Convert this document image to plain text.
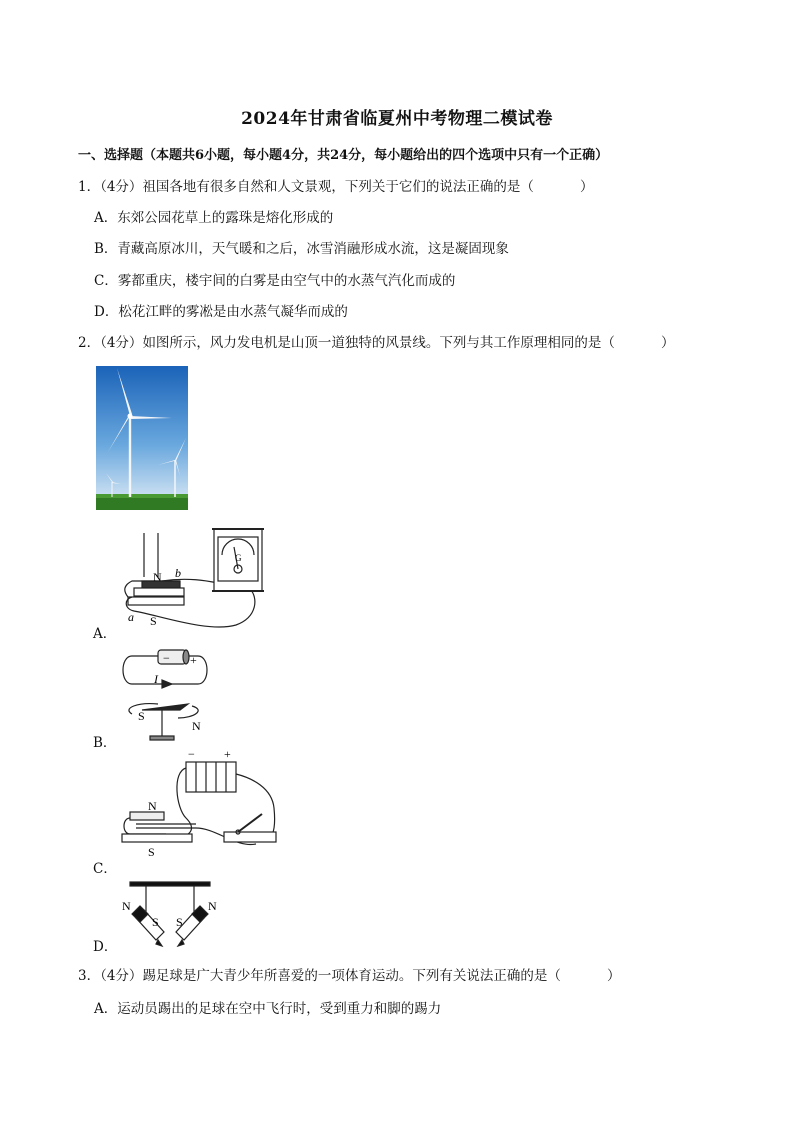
2024年甘肃省临夏州中考物理二模试卷
一、选择题（本题共6小题，每小题4分，共24分，每小题给出的四个选项中只有一个正确）
1．（4分）祖国各地有很多自然和人文景观，下列关于它们的说法正确的是（	）
A．东郊公园花草上的露珠是熔化形成的
B．青藏高原冰川，天气暖和之后，冰雪消融形成水流，这是凝固现象
C．雾都重庆，楼宇间的白雾是由空气中的水蒸气汽化而成的
D．松花江畔的雾凇是由水蒸气凝华而成的
2．（4分）如图所示，风力发电机是山顶一道独特的风景线。下列与其工作原理相同的是（	）
N
S
b
a
G
A．
− +
I
S
N
B．
N
S
− +
C．
N
S S
N
D．
3．（4分）踢足球是广大青少年所喜爱的一项体育运动。下列有关说法正确的是（	）
A．运动员踢出的足球在空中飞行时，受到重力和脚的踢力
